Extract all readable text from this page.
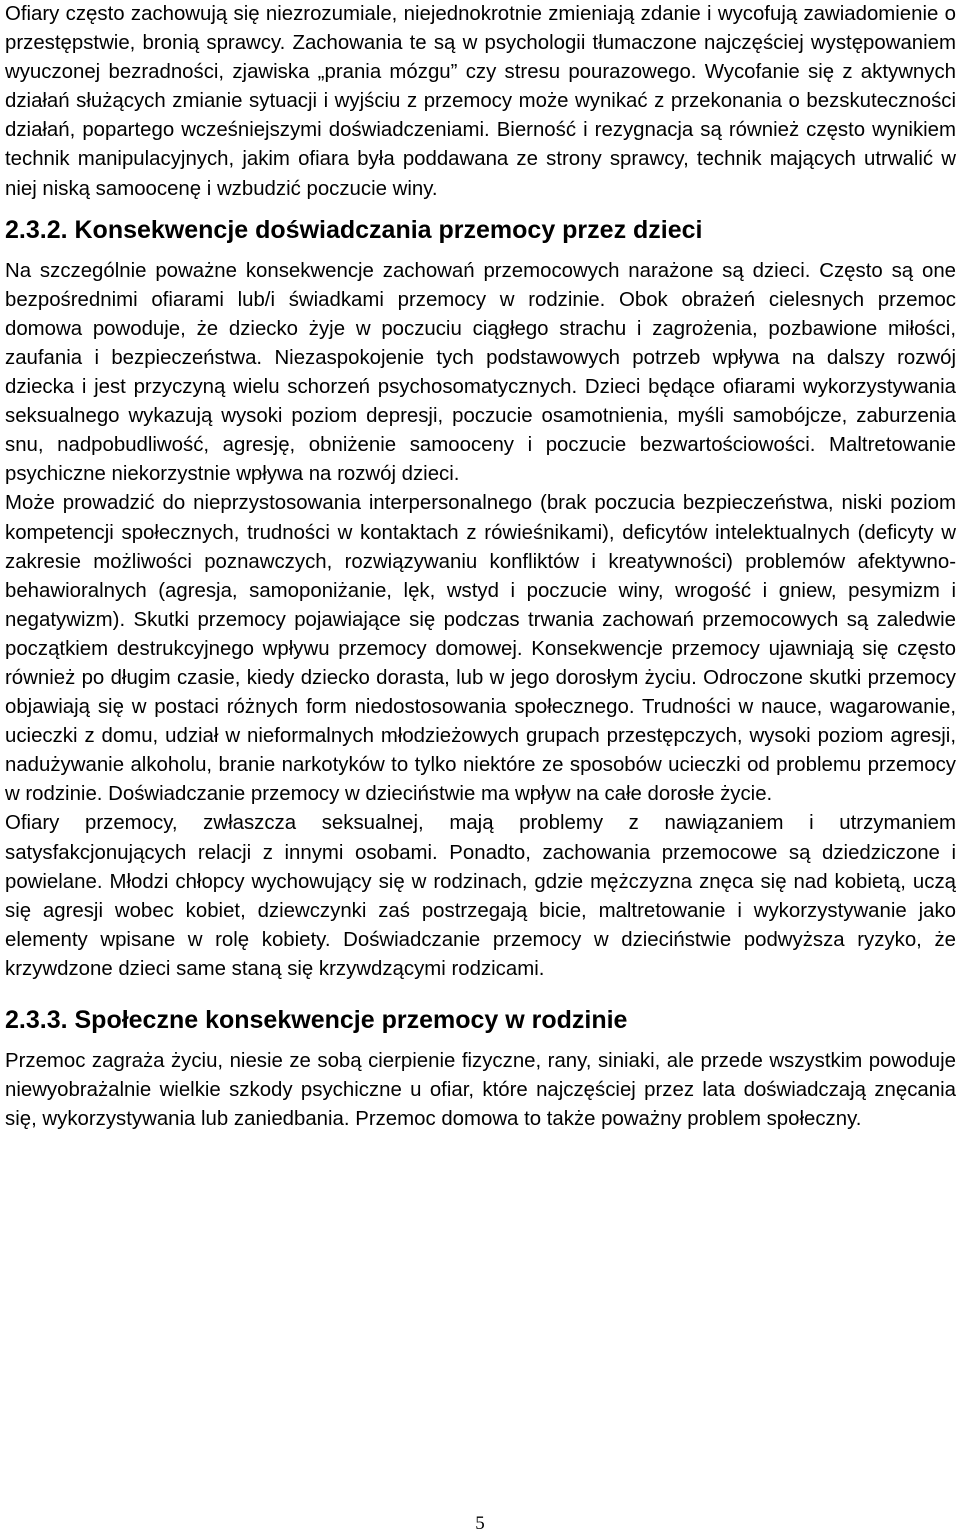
Ofiary często zachowują się niezrozumiale, niejednokrotnie zmieniają zdanie i wycofują zawiadomienie o przestępstwie, bronią sprawcy. Zachowania te są w psychologii tłumaczone najczęściej występowaniem wyuczonej bezradności, zjawiska „prania mózgu” czy stresu pourazowego. Wycofanie się z aktywnych działań służących zmianie sytuacji i wyjściu z przemocy może wynikać z przekonania o bezskuteczności działań, popartego wcześniejszymi doświadczeniami. Bierność i rezygnacja są również często wynikiem technik manipulacyjnych, jakim ofiara była poddawana ze strony sprawcy, technik mających utrwalić w niej niską samoocenę i wzbudzić poczucie winy.

2.3.2. Konsekwencje doświadczania przemocy przez dzieci

Na szczególnie poważne konsekwencje zachowań przemocowych narażone są dzieci. Często są one bezpośrednimi ofiarami lub/i świadkami przemocy w rodzinie. Obok obrażeń cielesnych przemoc domowa powoduje, że dziecko żyje w poczuciu ciągłego strachu i zagrożenia, pozbawione miłości, zaufania i bezpieczeństwa. Niezaspokojenie tych podstawowych potrzeb wpływa na dalszy rozwój dziecka i jest przyczyną wielu schorzeń psychosomatycznych. Dzieci będące ofiarami wykorzystywania seksualnego wykazują wysoki poziom depresji, poczucie osamotnienia, myśli samobójcze, zaburzenia snu, nadpobudliwość, agresję, obniżenie samooceny i poczucie bezwartościowości. Maltretowanie psychiczne niekorzystnie wpływa na rozwój dzieci.

Może prowadzić do nieprzystosowania interpersonalnego (brak poczucia bezpieczeństwa, niski poziom kompetencji społecznych, trudności w kontaktach z rówieśnikami), deficytów intelektualnych (deficyty w zakresie możliwości poznawczych, rozwiązywaniu konfliktów i kreatywności) problemów afektywno-behawioralnych (agresja, samoponiżanie, lęk, wstyd i poczucie winy, wrogość i gniew, pesymizm i negatywizm). Skutki przemocy pojawiające się podczas trwania zachowań przemocowych są zaledwie początkiem destrukcyjnego wpływu przemocy domowej. Konsekwencje przemocy ujawniają się często również po długim czasie, kiedy dziecko dorasta, lub w jego dorosłym życiu. Odroczone skutki przemocy objawiają się w postaci różnych form niedostosowania społecznego. Trudności w nauce, wagarowanie, ucieczki z domu, udział w nieformalnych młodzieżowych grupach przestępczych, wysoki poziom agresji, nadużywanie alkoholu, branie narkotyków to tylko niektóre ze sposobów ucieczki od problemu przemocy w rodzinie. Doświadczanie przemocy w dzieciństwie ma wpływ na całe dorosłe życie.

Ofiary przemocy, zwłaszcza seksualnej, mają problemy z nawiązaniem i utrzymaniem satysfakcjonujących relacji z innymi osobami. Ponadto, zachowania przemocowe są dziedziczone i powielane. Młodzi chłopcy wychowujący się w rodzinach, gdzie mężczyzna znęca się nad kobietą, uczą się agresji wobec kobiet, dziewczynki zaś postrzegają bicie, maltretowanie i wykorzystywanie jako elementy wpisane w rolę kobiety. Doświadczanie przemocy w dzieciństwie podwyższa ryzyko, że krzywdzone dzieci same staną się krzywdzącymi rodzicami.

2.3.3. Społeczne konsekwencje przemocy w rodzinie

Przemoc zagraża życiu, niesie ze sobą cierpienie fizyczne, rany, siniaki, ale przede wszystkim powoduje niewyobrażalnie wielkie szkody psychiczne u ofiar, które najczęściej przez lata doświadczają znęcania się, wykorzystywania lub zaniedbania. Przemoc domowa to także poważny problem społeczny.

5
